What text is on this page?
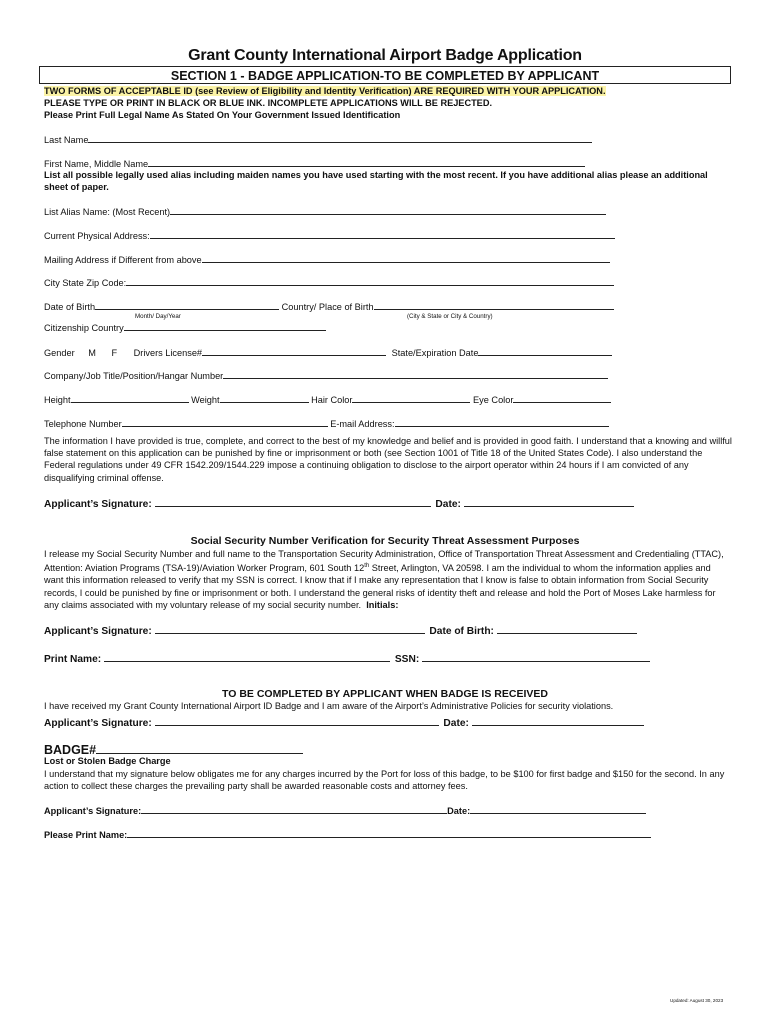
Grant County International Airport Badge Application
SECTION 1 - BADGE APPLICATION-TO BE COMPLETED BY APPLICANT
TWO FORMS OF ACCEPTABLE ID (see Review of Eligibility and Identity Verification) ARE REQUIRED WITH YOUR APPLICATION.
PLEASE TYPE OR PRINT IN BLACK OR BLUE INK. INCOMPLETE APPLICATIONS WILL BE REJECTED.
Please Print Full Legal Name As Stated On Your Government Issued Identification
Last Name
First Name, Middle Name
List all possible legally used alias including maiden names you have used starting with the most recent. If you have additional alias please an additional sheet of paper.
List Alias Name: (Most Recent)
Current Physical Address:
Mailing Address if Different from above
City State Zip Code:
Date of Birth	Country/ Place of Birth
Month/ Day/Year	(City & State or City & Country)
Citizenship Country
Gender M F Drivers License#	State/Expiration Date
Company/Job Title/Position/Hangar Number
Height	Weight	Hair Color	Eye Color
Telephone Number	E-mail Address:
The information I have provided is true, complete, and correct to the best of my knowledge and belief and is provided in good faith. I understand that a knowing and willful false statement on this application can be punished by fine or imprisonment or both (see Section 1001 of Title 18 of the United States Code). I also understand the Federal regulations under 49 CFR 1542.209/1544.229 impose a continuing obligation to disclose to the airport operator within 24 hours if I am convicted of any disqualifying criminal offense.
Applicant’s Signature:	Date:
Social Security Number Verification for Security Threat Assessment Purposes
I release my Social Security Number and full name to the Transportation Security Administration, Office of Transportation Threat Assessment and Credentialing (TTAC), Attention: Aviation Programs (TSA-19)/Aviation Worker Program, 601 South 12th Street, Arlington, VA 20598. I am the individual to whom the information applies and want this information released to verify that my SSN is correct. I know that if I make any representation that I know is false to obtain information from Social Security records, I could be punished by fine or imprisonment or both. I understand the general risks of identity theft and release and hold the Port of Moses Lake harmless for any claims associated with my voluntary release of my social security number. Initials:
Applicant’s Signature:	Date of Birth:
Print Name:	SSN:
TO BE COMPLETED BY APPLICANT WHEN BADGE IS RECEIVED
I have received my Grant County International Airport ID Badge and I am aware of the Airport’s Administrative Policies for security violations.
Applicant’s Signature:	Date:
BADGE#
Lost or Stolen Badge Charge
I understand that my signature below obligates me for any charges incurred by the Port for loss of this badge, to be $100 for first badge and $150 for the second. In any action to collect these charges the prevailing party shall be awarded reasonable costs and attorney fees.
Applicant’s Signature:	Date:
Please Print Name:
Updated: August 30, 2023
